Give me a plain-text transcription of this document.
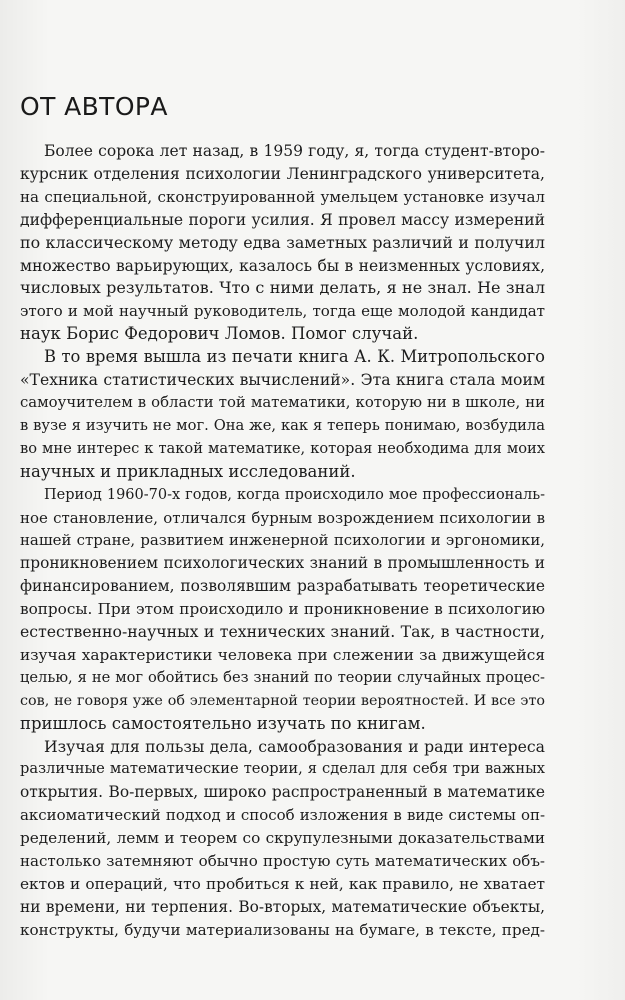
ОТ АВТОРА
Более сорока лет назад, в 1959 году, я, тогда студент-второ-
курсник отделения психологии Ленинградского университета,
на специальной, сконструированной умельцем установке изучал
дифференциальные пороги усилия. Я провел массу измерений
по классическому методу едва заметных различий и получил
множество варьирующих, казалось бы в неизменных условиях,
числовых результатов. Что с ними делать, я не знал. Не знал
этого и мой научный руководитель, тогда еще молодой кандидат
наук Борис Федорович Ломов. Помог случай.
В то время вышла из печати книга А. К. Митропольского
«Техника статистических вычислений». Эта книга стала моим
самоучителем в области той математики, которую ни в школе, ни
в вузе я изучить не мог. Она же, как я теперь понимаю, возбудила
во мне интерес к такой математике, которая необходима для моих
научных и прикладных исследований.
Период 1960-70-х годов, когда происходило мое профессиональ-
ное становление, отличался бурным возрождением психологии в
нашей стране, развитием инженерной психологии и эргономики,
проникновением психологических знаний в промышленность и
финансированием, позволявшим разрабатывать теоретические
вопросы. При этом происходило и проникновение в психологию
естественно-научных и технических знаний. Так, в частности,
изучая характеристики человека при слежении за движущейся
целью, я не мог обойтись без знаний по теории случайных процес-
сов, не говоря уже об элементарной теории вероятностей. И все это
пришлось самостоятельно изучать по книгам.
Изучая для пользы дела, самообразования и ради интереса
различные математические теории, я сделал для себя три важных
открытия. Во-первых, широко распространенный в математике
аксиоматический подход и способ изложения в виде системы оп-
ределений, лемм и теорем со скрупулезными доказательствами
настолько затемняют обычно простую суть математических объ-
ектов и операций, что пробиться к ней, как правило, не хватает
ни времени, ни терпения. Во-вторых, математические объекты,
конструкты, будучи материализованы на бумаге, в тексте, пред-
